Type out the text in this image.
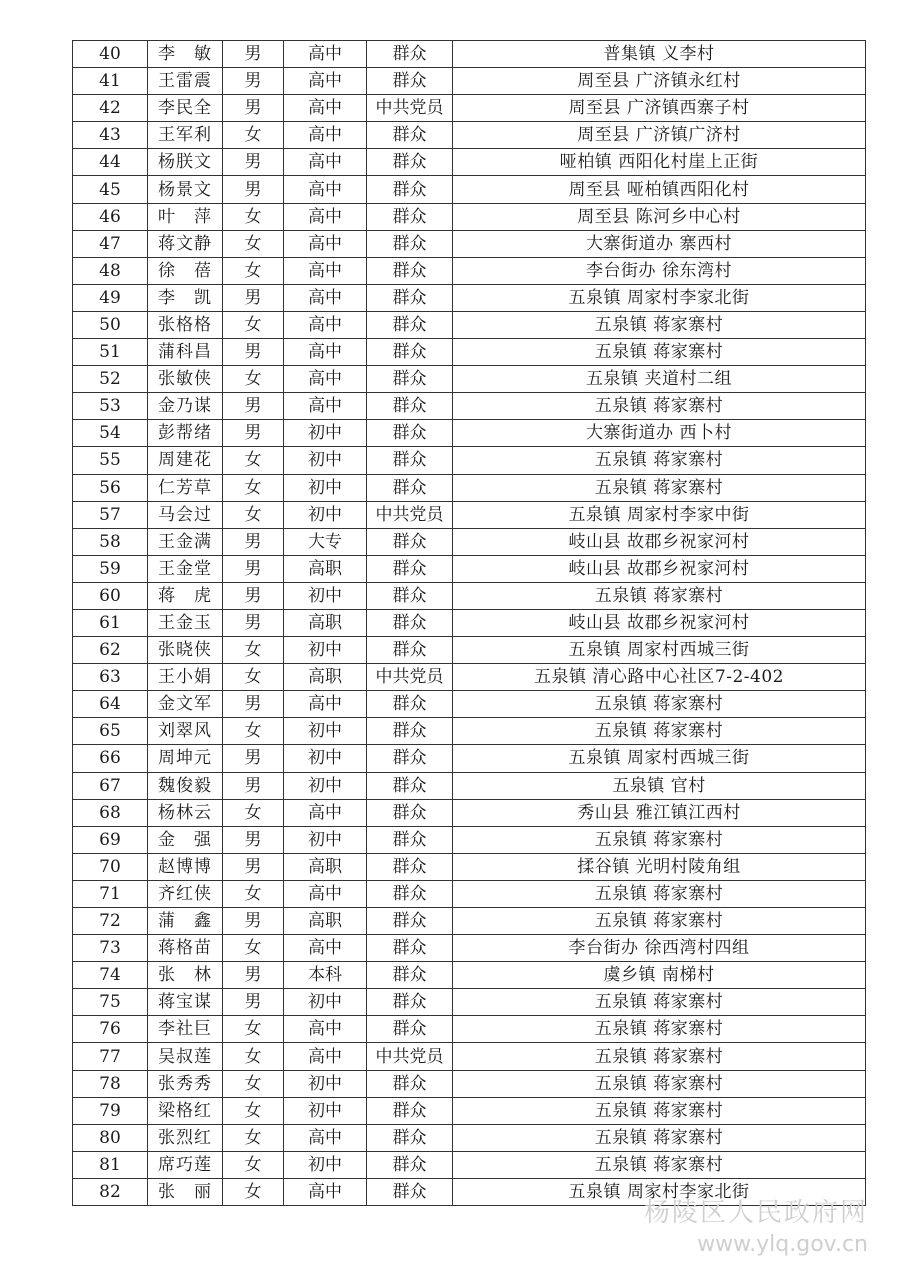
40	李　敏	男	高中	群众	普集镇 义李村
41	王雷震	男	高中	群众	周至县 广济镇永红村
42	李民全	男	高中	中共党员	周至县 广济镇西寨子村
43	王军利	女	高中	群众	周至县 广济镇广济村
44	杨朕文	男	高中	群众	哑柏镇 西阳化村崖上正街
45	杨景文	男	高中	群众	周至县 哑柏镇西阳化村
46	叶　萍	女	高中	群众	周至县 陈河乡中心村
47	蒋文静	女	高中	群众	大寨街道办 寨西村
48	徐　蓓	女	高中	群众	李台街办 徐东湾村
49	李　凯	男	高中	群众	五泉镇 周家村李家北街
50	张格格	女	高中	群众	五泉镇 蒋家寨村
51	蒲科昌	男	高中	群众	五泉镇 蒋家寨村
52	张敏侠	女	高中	群众	五泉镇 夹道村二组
53	金乃谋	男	高中	群众	五泉镇 蒋家寨村
54	彭帮绪	男	初中	群众	大寨街道办 西卜村
55	周建花	女	初中	群众	五泉镇 蒋家寨村
56	仁芳草	女	初中	群众	五泉镇 蒋家寨村
57	马会过	女	初中	中共党员	五泉镇 周家村李家中街
58	王金满	男	大专	群众	岐山县 故郡乡祝家河村
59	王金堂	男	高职	群众	岐山县 故郡乡祝家河村
60	蒋　虎	男	初中	群众	五泉镇 蒋家寨村
61	王金玉	男	高职	群众	岐山县 故郡乡祝家河村
62	张晓侠	女	初中	群众	五泉镇 周家村西城三街
63	王小娟	女	高职	中共党员	五泉镇 清心路中心社区7-2-402
64	金文军	男	高中	群众	五泉镇 蒋家寨村
65	刘翠风	女	初中	群众	五泉镇 蒋家寨村
66	周坤元	男	初中	群众	五泉镇 周家村西城三街
67	魏俊毅	男	初中	群众	五泉镇 官村
68	杨林云	女	高中	群众	秀山县 雅江镇江西村
69	金　强	男	初中	群众	五泉镇 蒋家寨村
70	赵博博	男	高职	群众	揉谷镇 光明村陵角组
71	齐红侠	女	高中	群众	五泉镇 蒋家寨村
72	蒲　鑫	男	高职	群众	五泉镇 蒋家寨村
73	蒋格苗	女	高中	群众	李台街办 徐西湾村四组
74	张　林	男	本科	群众	虞乡镇 南梯村
75	蒋宝谋	男	初中	群众	五泉镇 蒋家寨村
76	李社巨	女	高中	群众	五泉镇 蒋家寨村
77	吴叔莲	女	高中	中共党员	五泉镇 蒋家寨村
78	张秀秀	女	初中	群众	五泉镇 蒋家寨村
79	梁格红	女	初中	群众	五泉镇 蒋家寨村
80	张烈红	女	高中	群众	五泉镇 蒋家寨村
81	席巧莲	女	初中	群众	五泉镇 蒋家寨村
82	张　丽	女	高中	群众	五泉镇 周家村李家北街
杨陵区人民政府网
www.ylq.gov.cn
